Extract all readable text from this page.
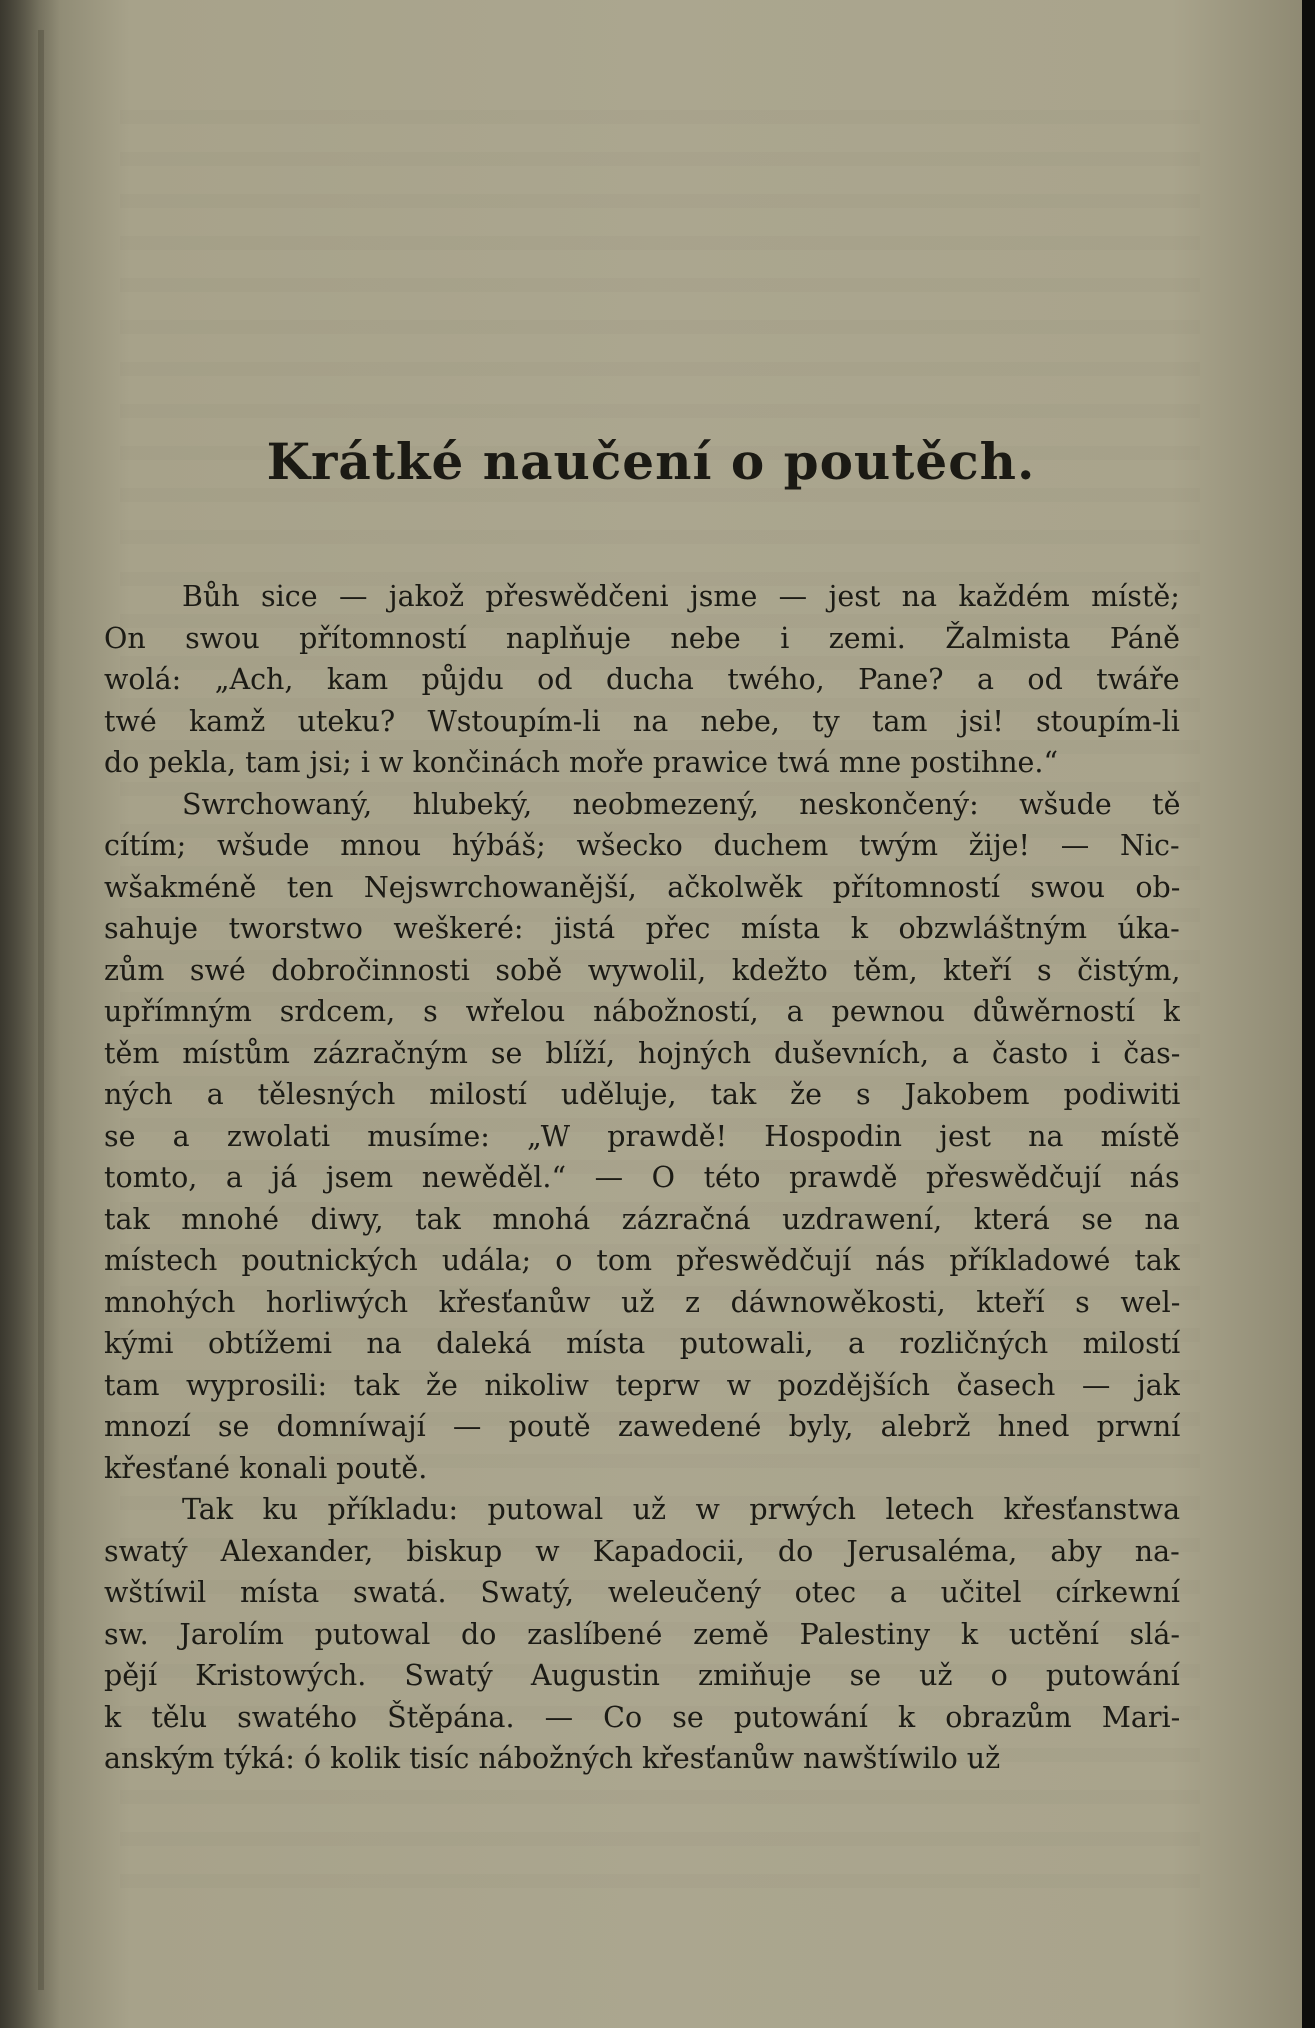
Krátké naučení o poutěch.
Bůh sice — jakož přeswědčeni jsme — jest na každém místě;
On swou přítomností naplňuje nebe i zemi. Žalmista Páně
wolá: „Ach, kam půjdu od ducha twého, Pane? a od twáře
twé kamž uteku? Wstoupím-li na nebe, ty tam jsi! stoupím-li
do pekla, tam jsi; i w končinách moře prawice twá mne postihne.“
Swrchowaný, hlubeký, neobmezený, neskončený: wšude tě
cítím; wšude mnou hýbáš; wšecko duchem twým žije! — Nic-
wšakméně ten Nejswrchowanější, ačkolwěk přítomností swou ob-
sahuje tworstwo weškeré: jistá přec místa k obzwláštným úka-
zům swé dobročinnosti sobě wywolil, kdežto těm, kteří s čistým,
upřímným srdcem, s wřelou nábožností, a pewnou důwěrností k
těm místům zázračným se blíží, hojných duševních, a často i čas-
ných a tělesných milostí uděluje, tak že s Jakobem podiwiti
se a zwolati musíme: „W prawdě! Hospodin jest na místě
tomto, a já jsem newěděl.“ — O této prawdě přeswědčují nás
tak mnohé diwy, tak mnohá zázračná uzdrawení, která se na
místech poutnických udála; o tom přeswědčují nás příkladowé tak
mnohých horliwých křesťanůw už z dáwnowěkosti, kteří s wel-
kými obtížemi na daleká místa putowali, a rozličných milostí
tam wyprosili: tak že nikoliw teprw w pozdějších časech — jak
mnozí se domníwají — poutě zawedené byly, alebrž hned prwní
křesťané konali poutě.
Tak ku příkladu: putowal už w prwých letech křesťanstwa
swatý Alexander, biskup w Kapadocii, do Jerusaléma, aby na-
wštíwil místa swatá. Swatý, weleučený otec a učitel církewní
sw. Jarolím putowal do zaslíbené země Palestiny k uctění slá-
pějí Kristowých. Swatý Augustin zmiňuje se už o putowání
k tělu swatého Štěpána. — Co se putowání k obrazům Mari-
anským týká: ó kolik tisíc nábožných křesťanůw nawštíwilo už
